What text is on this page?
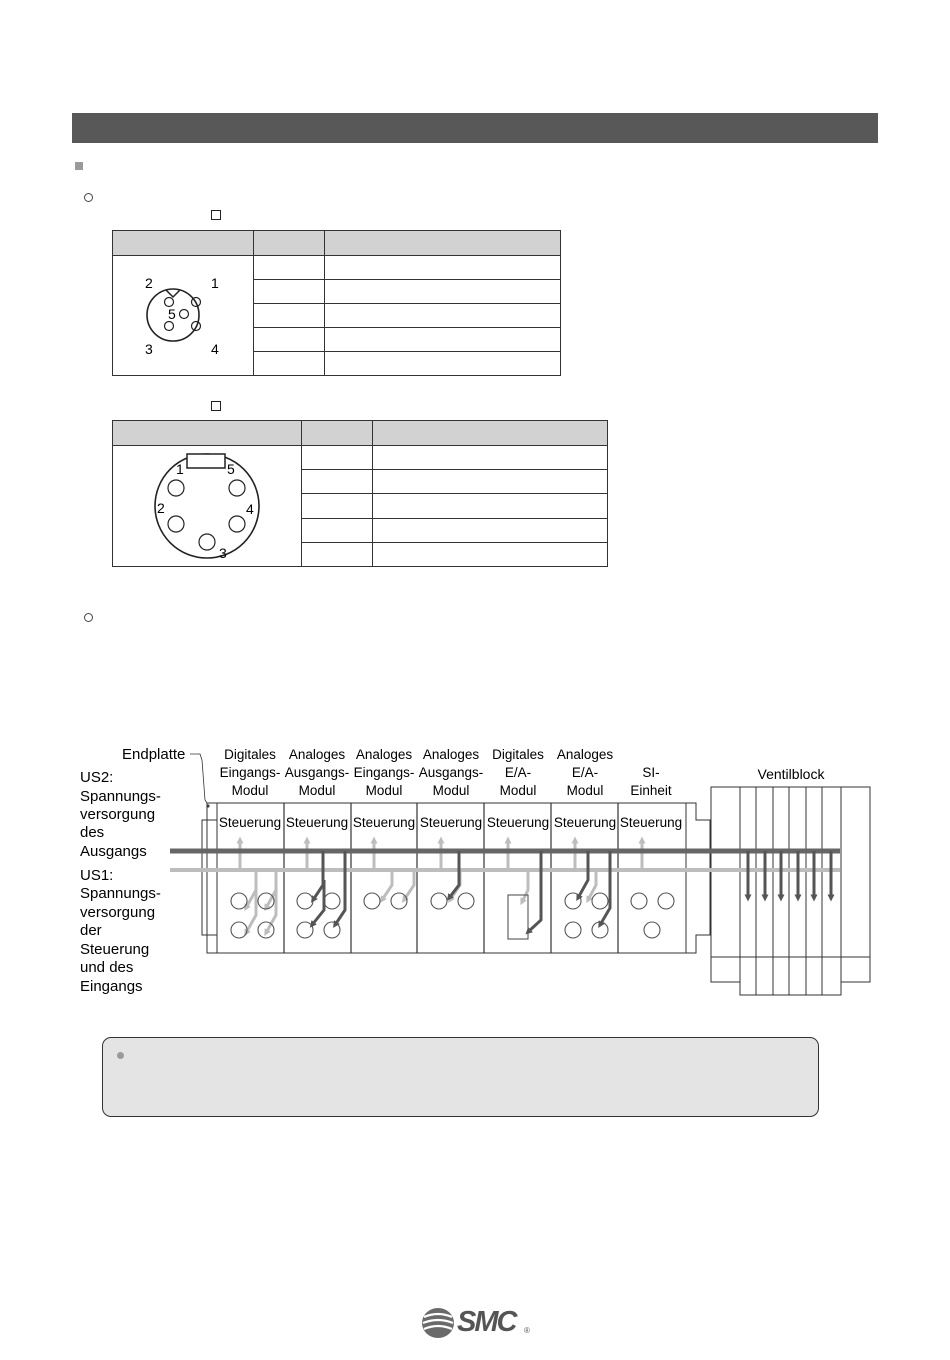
2 1
5
3 4		

1 5
2 4
3		

Endplatte
US2:
Spannungs-
versorgung
des
Ausgangs
US1:
Spannungs-
versorgung
der
Steuerung
und des
Eingangs
Digitales
Eingangs-
Modul
Analoges
Ausgangs-
Modul
Analoges
Eingangs-
Modul
Analoges
Ausgangs-
Modul
Digitales
E/A-
Modul
Analoges
E/A-
Modul
SI-
Einheit
Ventilblock
Steuerung Steuerung Steuerung Steuerung Steuerung Steuerung Steuerung
SMC ®
